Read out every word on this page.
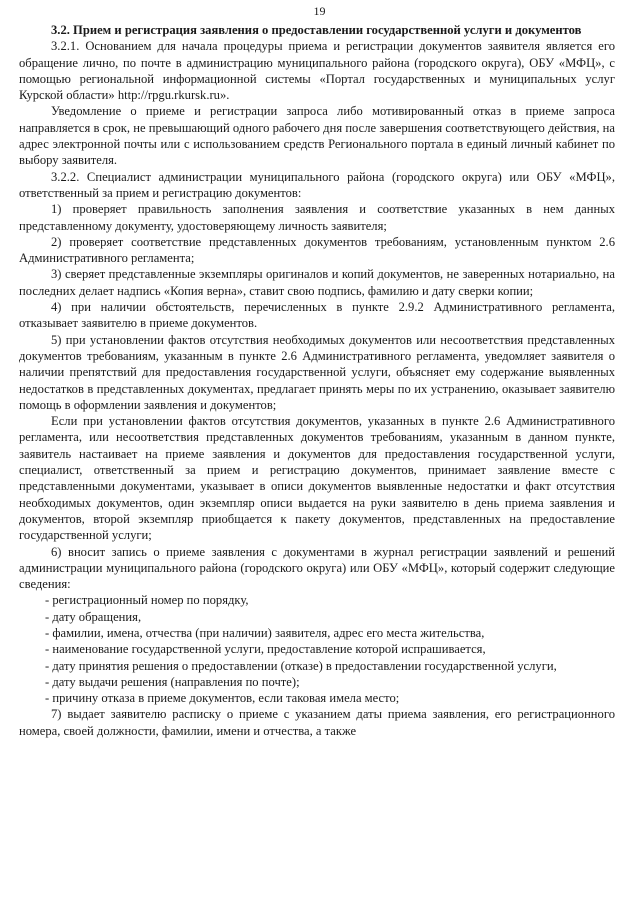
19

3.2. Прием и регистрация заявления о предоставлении государственной услуги и документов

3.2.1. Основанием для начала процедуры приема и регистрации документов заявителя является его обращение лично, по почте в администрацию муниципального района (городского округа), ОБУ «МФЦ», с помощью региональной информационной системы «Портал государственных и муниципальных услуг Курской области» http://rpgu.rkursk.ru».

Уведомление о приеме и регистрации запроса либо мотивированный отказ в приеме запроса направляется в срок, не превышающий одного рабочего дня после завершения соответствующего действия, на адрес электронной почты или с использованием средств Регионального портала в единый личный кабинет по выбору заявителя.

3.2.2. Специалист администрации муниципального района (городского округа) или ОБУ «МФЦ», ответственный за прием и регистрацию документов:

1) проверяет правильность заполнения заявления и соответствие указанных в нем данных представленному документу, удостоверяющему личность заявителя;

2) проверяет соответствие представленных документов требованиям, установленным пунктом 2.6 Административного регламента;

3) сверяет представленные экземпляры оригиналов и копий документов, не заверенных нотариально, на последних делает надпись «Копия верна», ставит свою подпись, фамилию и дату сверки копии;

4) при наличии обстоятельств, перечисленных в пункте 2.9.2 Административного регламента, отказывает заявителю в приеме документов.

5) при установлении фактов отсутствия необходимых документов или несоответствия представленных документов требованиям, указанным в пункте 2.6 Административного регламента, уведомляет заявителя о наличии препятствий для предоставления государственной услуги, объясняет ему содержание выявленных недостатков в представленных документах, предлагает принять меры по их устранению, оказывает заявителю помощь в оформлении заявления и документов;

Если при установлении фактов отсутствия документов, указанных в пункте 2.6 Административного регламента, или несоответствия представленных документов требованиям, указанным в данном пункте, заявитель настаивает на приеме заявления и документов для предоставления государственной услуги, специалист, ответственный за прием и регистрацию документов, принимает заявление вместе с представленными документами, указывает в описи документов выявленные недостатки и факт отсутствия необходимых документов, один экземпляр описи выдается на руки заявителю в день приема заявления и документов, второй экземпляр приобщается к пакету документов, представленных на предоставление государственной услуги;

6) вносит запись о приеме заявления с документами в журнал регистрации заявлений и решений администрации муниципального района (городского округа) или ОБУ «МФЦ», который содержит следующие сведения:

- регистрационный номер по порядку,

- дату обращения,

- фамилии, имена, отчества (при наличии) заявителя, адрес его места жительства,

- наименование государственной услуги, предоставление которой испрашивается,

- дату принятия решения о предоставлении (отказе) в предоставлении государственной услуги,

- дату выдачи решения (направления по почте);

- причину отказа в приеме документов, если таковая имела место;

7) выдает заявителю расписку о приеме с указанием даты приема заявления, его регистрационного номера, своей должности, фамилии, имени и отчества, а также
